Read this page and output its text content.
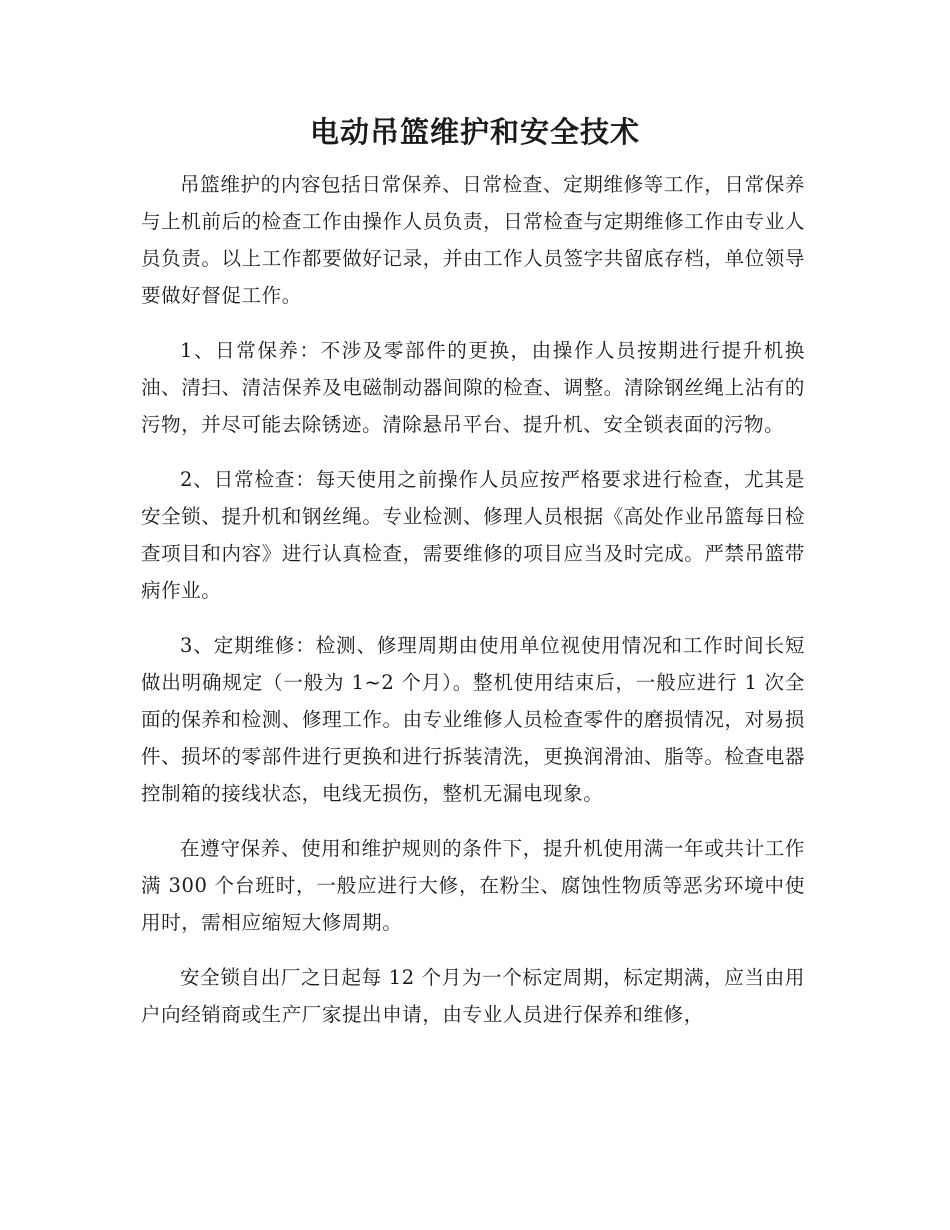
电动吊篮维护和安全技术

吊篮维护的内容包括日常保养、日常检查、定期维修等工作，日常保养与上机前后的检查工作由操作人员负责，日常检查与定期维修工作由专业人员负责。以上工作都要做好记录，并由工作人员签字共留底存档，单位领导要做好督促工作。

1、日常保养：不涉及零部件的更换，由操作人员按期进行提升机换油、清扫、清洁保养及电磁制动器间隙的检查、调整。清除钢丝绳上沾有的污物，并尽可能去除锈迹。清除悬吊平台、提升机、安全锁表面的污物。

2、日常检查：每天使用之前操作人员应按严格要求进行检查，尤其是安全锁、提升机和钢丝绳。专业检测、修理人员根据《高处作业吊篮每日检查项目和内容》进行认真检查，需要维修的项目应当及时完成。严禁吊篮带病作业。

3、定期维修：检测、修理周期由使用单位视使用情况和工作时间长短做出明确规定（一般为 1~2 个月）。整机使用结束后，一般应进行 1 次全面的保养和检测、修理工作。由专业维修人员检查零件的磨损情况，对易损件、损坏的零部件进行更换和进行拆装清洗，更换润滑油、脂等。检查电器控制箱的接线状态，电线无损伤，整机无漏电现象。

在遵守保养、使用和维护规则的条件下，提升机使用满一年或共计工作满 300 个台班时，一般应进行大修，在粉尘、腐蚀性物质等恶劣环境中使用时，需相应缩短大修周期。

安全锁自出厂之日起每 12 个月为一个标定周期，标定期满，应当由用户向经销商或生产厂家提出申请，由专业人员进行保养和维修，
